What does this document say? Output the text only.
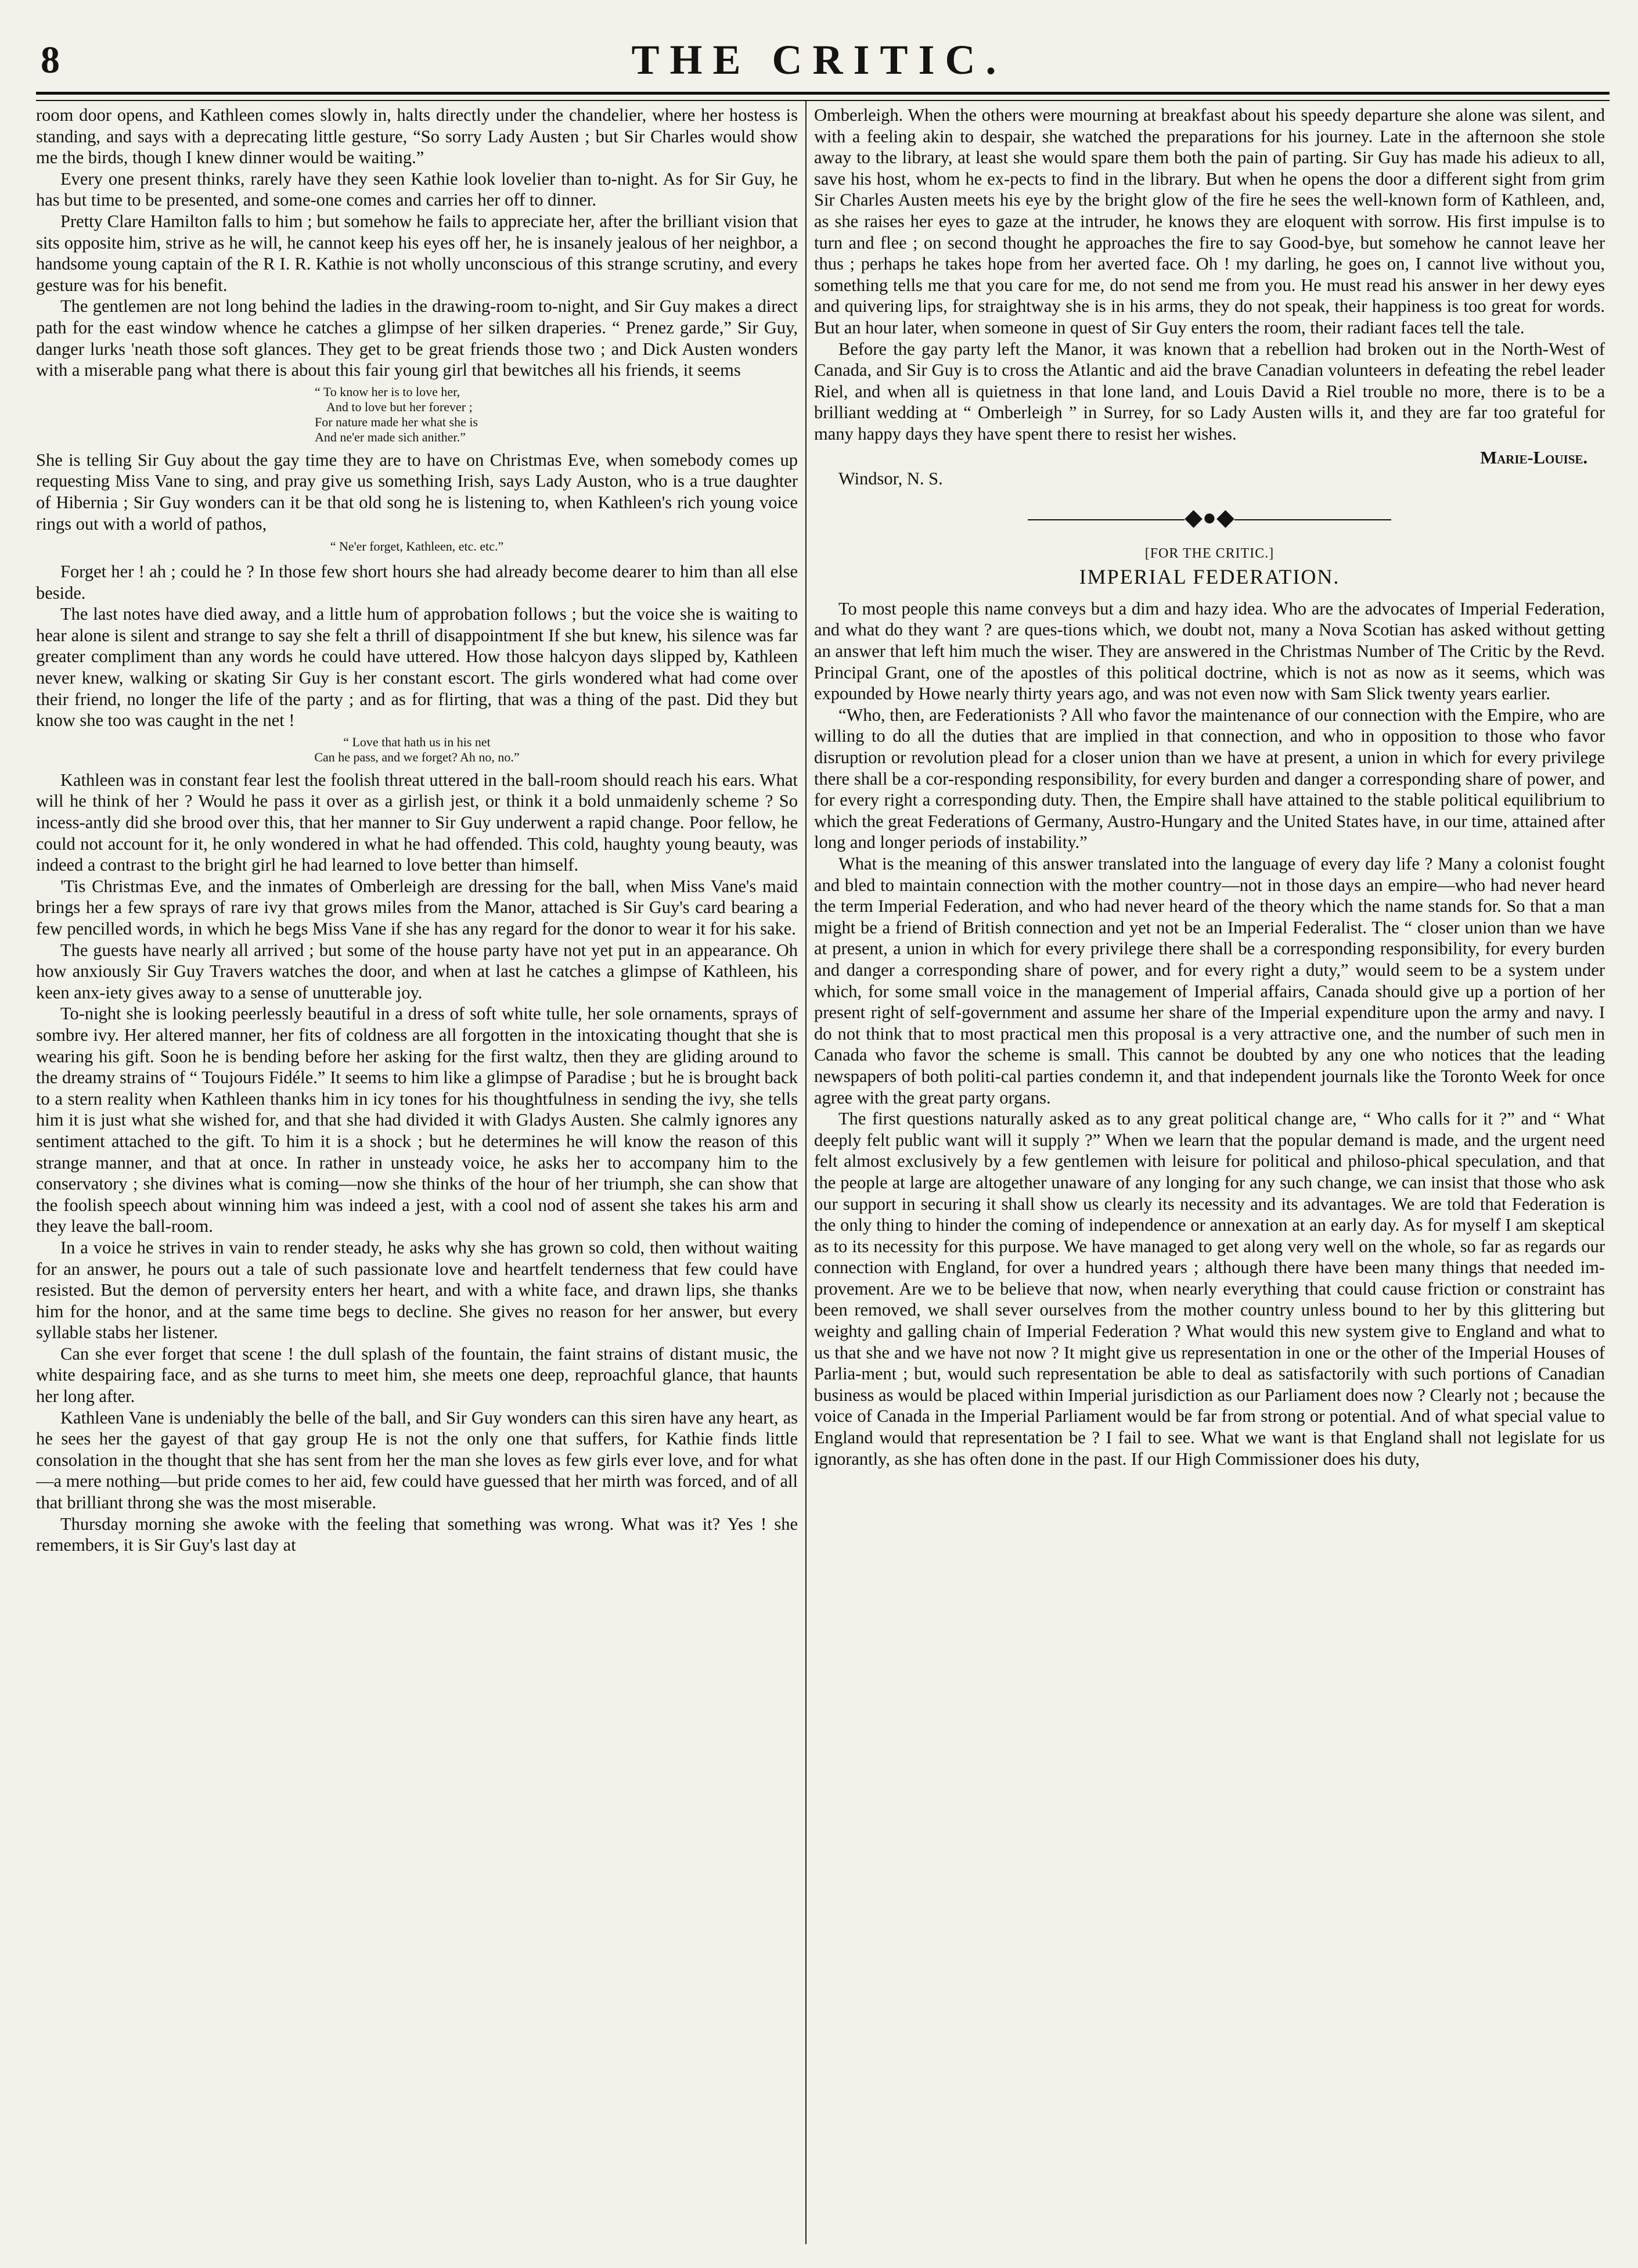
8	THE CRITIC.

room door opens, and Kathleen comes slowly in, halts directly under the chandelier, where her hostess is standing, and says with a deprecating little gesture, “So sorry Lady Austen ; but Sir Charles would show me the birds, though I knew dinner would be waiting.”

Every one present thinks, rarely have they seen Kathie look lovelier than to-night. As for Sir Guy, he has but time to be presented, and some-one comes and carries her off to dinner.

Pretty Clare Hamilton falls to him ; but somehow he fails to appreciate her, after the brilliant vision that sits opposite him, strive as he will, he cannot keep his eyes off her, he is insanely jealous of her neighbor, a handsome young captain of the R I. R. Kathie is not wholly unconscious of this strange scrutiny, and every gesture was for his benefit.

The gentlemen are not long behind the ladies in the drawing-room to-night, and Sir Guy makes a direct path for the east window whence he catches a glimpse of her silken draperies. “ Prenez garde,” Sir Guy, danger lurks 'neath those soft glances. They get to be great friends those two ; and Dick Austen wonders with a miserable pang what there is about this fair young girl that bewitches all his friends, it seems

“ To know her is to love her,
And to love but her forever ;
For nature made her what she is
And ne'er made sich anither.”

She is telling Sir Guy about the gay time they are to have on Christmas Eve, when somebody comes up requesting Miss Vane to sing, and pray give us something Irish, says Lady Auston, who is a true daughter of Hibernia ; Sir Guy wonders can it be that old song he is listening to, when Kathleen's rich young voice rings out with a world of pathos,

“ Ne'er forget, Kathleen, etc. etc.”

Forget her ! ah ; could he ? In those few short hours she had already become dearer to him than all else beside.

The last notes have died away, and a little hum of approbation follows ; but the voice she is waiting to hear alone is silent and strange to say she felt a thrill of disappointment If she but knew, his silence was far greater compliment than any words he could have uttered. How those halcyon days slipped by, Kathleen never knew, walking or skating Sir Guy is her constant escort. The girls wondered what had come over their friend, no longer the life of the party ; and as for flirting, that was a thing of the past. Did they but know she too was caught in the net !

“ Love that hath us in his net
Can he pass, and we forget? Ah no, no.”

Kathleen was in constant fear lest the foolish threat uttered in the ball-room should reach his ears. What will he think of her ? Would he pass it over as a girlish jest, or think it a bold unmaidenly scheme ? So incess-antly did she brood over this, that her manner to Sir Guy underwent a rapid change. Poor fellow, he could not account for it, he only wondered in what he had offended. This cold, haughty young beauty, was indeed a contrast to the bright girl he had learned to love better than himself.

'Tis Christmas Eve, and the inmates of Omberleigh are dressing for the ball, when Miss Vane's maid brings her a few sprays of rare ivy that grows miles from the Manor, attached is Sir Guy's card bearing a few pencilled words, in which he begs Miss Vane if she has any regard for the donor to wear it for his sake.

The guests have nearly all arrived ; but some of the house party have not yet put in an appearance. Oh how anxiously Sir Guy Travers watches the door, and when at last he catches a glimpse of Kathleen, his keen anx-iety gives away to a sense of unutterable joy.

To-night she is looking peerlessly beautiful in a dress of soft white tulle, her sole ornaments, sprays of sombre ivy. Her altered manner, her fits of coldness are all forgotten in the intoxicating thought that she is wearing his gift. Soon he is bending before her asking for the first waltz, then they are gliding around to the dreamy strains of “ Toujours Fidéle.” It seems to him like a glimpse of Paradise ; but he is brought back to a stern reality when Kathleen thanks him in icy tones for his thoughtfulness in sending the ivy, she tells him it is just what she wished for, and that she had divided it with Gladys Austen. She calmly ignores any sentiment attached to the gift. To him it is a shock ; but he determines he will know the reason of this strange manner, and that at once. In rather in unsteady voice, he asks her to accompany him to the conservatory ; she divines what is coming—now she thinks of the hour of her triumph, she can show that the foolish speech about winning him was indeed a jest, with a cool nod of assent she takes his arm and they leave the ball-room.

In a voice he strives in vain to render steady, he asks why she has grown so cold, then without waiting for an answer, he pours out a tale of such passionate love and heartfelt tenderness that few could have resisted. But the demon of perversity enters her heart, and with a white face, and drawn lips, she thanks him for the honor, and at the same time begs to decline. She gives no reason for her answer, but every syllable stabs her listener.

Can she ever forget that scene ! the dull splash of the fountain, the faint strains of distant music, the white despairing face, and as she turns to meet him, she meets one deep, reproachful glance, that haunts her long after.

Kathleen Vane is undeniably the belle of the ball, and Sir Guy wonders can this siren have any heart, as he sees her the gayest of that gay group He is not the only one that suffers, for Kathie finds little consolation in the thought that she has sent from her the man she loves as few girls ever love, and for what—a mere nothing—but pride comes to her aid, few could have guessed that her mirth was forced, and of all that brilliant throng she was the most miserable.

Thursday morning she awoke with the feeling that something was wrong. What was it? Yes ! she remembers, it is Sir Guy's last day at

Omberleigh. When the others were mourning at breakfast about his speedy departure she alone was silent, and with a feeling akin to despair, she watched the preparations for his journey. Late in the afternoon she stole away to the library, at least she would spare them both the pain of parting. Sir Guy has made his adieux to all, save his host, whom he ex-pects to find in the library. But when he opens the door a different sight from grim Sir Charles Austen meets his eye by the bright glow of the fire he sees the well-known form of Kathleen, and, as she raises her eyes to gaze at the intruder, he knows they are eloquent with sorrow. His first impulse is to turn and flee ; on second thought he approaches the fire to say Good-bye, but somehow he cannot leave her thus ; perhaps he takes hope from her averted face. Oh ! my darling, he goes on, I cannot live without you, something tells me that you care for me, do not send me from you. He must read his answer in her dewy eyes and quivering lips, for straightway she is in his arms, they do not speak, their happiness is too great for words. But an hour later, when someone in quest of Sir Guy enters the room, their radiant faces tell the tale.

Before the gay party left the Manor, it was known that a rebellion had broken out in the North-West of Canada, and Sir Guy is to cross the Atlantic and aid the brave Canadian volunteers in defeating the rebel leader Riel, and when all is quietness in that lone land, and Louis David a Riel trouble no more, there is to be a brilliant wedding at “ Omberleigh ” in Surrey, for so Lady Austen wills it, and they are far too grateful for many happy days they have spent there to resist her wishes.

Marie-Louise.

Windsor, N. S.

◆●◆
[FOR THE CRITIC.]
IMPERIAL FEDERATION.

To most people this name conveys but a dim and hazy idea. Who are the advocates of Imperial Federation, and what do they want ? are ques-tions which, we doubt not, many a Nova Scotian has asked without getting an answer that left him much the wiser. They are answered in the Christmas Number of The Critic by the Revd. Principal Grant, one of the apostles of this political doctrine, which is not as now as it seems, which was expounded by Howe nearly thirty years ago, and was not even now with Sam Slick twenty years earlier.

“Who, then, are Federationists ? All who favor the maintenance of our connection with the Empire, who are willing to do all the duties that are implied in that connection, and who in opposition to those who favor disruption or revolution plead for a closer union than we have at present, a union in which for every privilege there shall be a cor-responding responsibility, for every burden and danger a corresponding share of power, and for every right a corresponding duty. Then, the Empire shall have attained to the stable political equilibrium to which the great Federations of Germany, Austro-Hungary and the United States have, in our time, attained after long and longer periods of instability.”

What is the meaning of this answer translated into the language of every day life ? Many a colonist fought and bled to maintain connection with the mother country—not in those days an empire—who had never heard the term Imperial Federation, and who had never heard of the theory which the name stands for. So that a man might be a friend of British connection and yet not be an Imperial Federalist. The “ closer union than we have at present, a union in which for every privilege there shall be a corresponding responsibility, for every burden and danger a corresponding share of power, and for every right a duty,” would seem to be a system under which, for some small voice in the management of Imperial affairs, Canada should give up a portion of her present right of self-government and assume her share of the Imperial expenditure upon the army and navy. I do not think that to most practical men this proposal is a very attractive one, and the number of such men in Canada who favor the scheme is small. This cannot be doubted by any one who notices that the leading newspapers of both politi-cal parties condemn it, and that independent journals like the Toronto Week for once agree with the great party organs.

The first questions naturally asked as to any great political change are, “ Who calls for it ?” and “ What deeply felt public want will it supply ?” When we learn that the popular demand is made, and the urgent need felt almost exclusively by a few gentlemen with leisure for political and philoso-phical speculation, and that the people at large are altogether unaware of any longing for any such change, we can insist that those who ask our support in securing it shall show us clearly its necessity and its advantages. We are told that Federation is the only thing to hinder the coming of independence or annexation at an early day. As for myself I am skeptical as to its necessity for this purpose. We have managed to get along very well on the whole, so far as regards our connection with England, for over a hundred years ; although there have been many things that needed im-provement. Are we to be believe that now, when nearly everything that could cause friction or constraint has been removed, we shall sever ourselves from the mother country unless bound to her by this glittering but weighty and galling chain of Imperial Federation ? What would this new system give to England and what to us that she and we have not now ? It might give us representation in one or the other of the Imperial Houses of Parlia-ment ; but, would such representation be able to deal as satisfactorily with such portions of Canadian business as would be placed within Imperial jurisdiction as our Parliament does now ? Clearly not ; because the voice of Canada in the Imperial Parliament would be far from strong or potential. And of what special value to England would that representation be ? I fail to see. What we want is that England shall not legislate for us ignorantly, as she has often done in the past. If our High Commissioner does his duty,
